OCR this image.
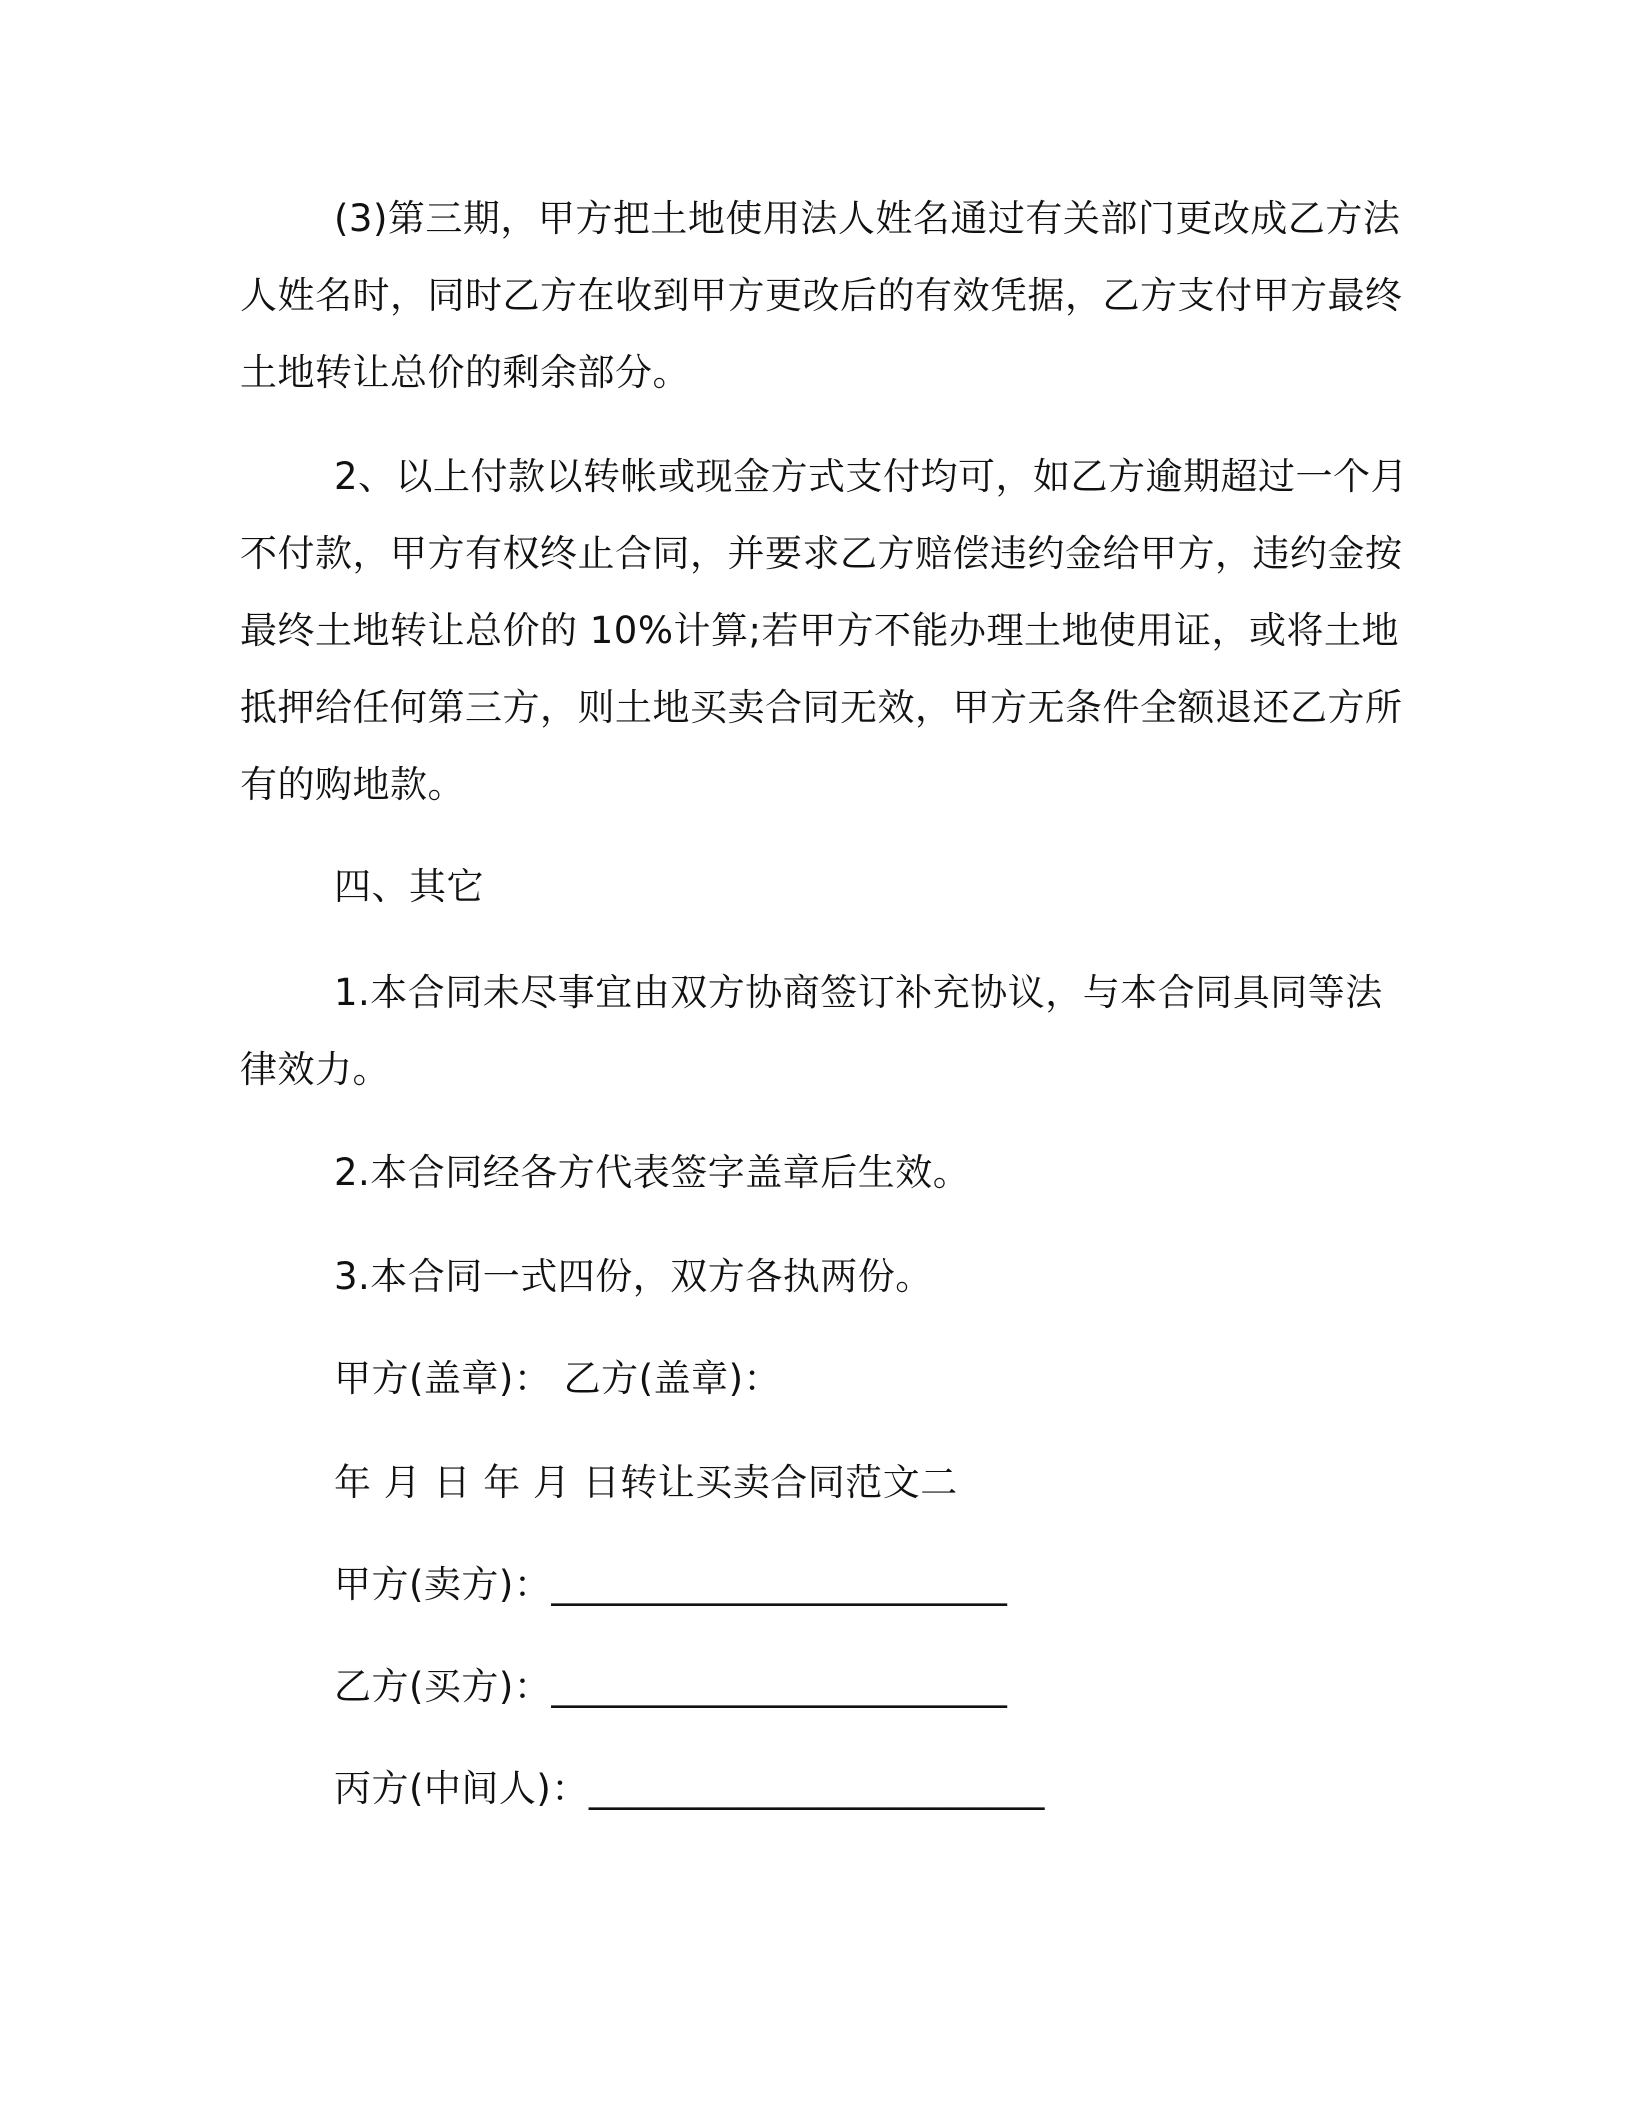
(3)第三期，甲方把土地使用法人姓名通过有关部门更改成乙方法人姓名时，同时乙方在收到甲方更改后的有效凭据，乙方支付甲方最终土地转让总价的剩余部分。

2、以上付款以转帐或现金方式支付均可，如乙方逾期超过一个月不付款，甲方有权终止合同，并要求乙方赔偿违约金给甲方，违约金按最终土地转让总价的 10%计算;若甲方不能办理土地使用证，或将土地抵押给任何第三方，则土地买卖合同无效，甲方无条件全额退还乙方所有的购地款。

四、其它

1.本合同未尽事宜由双方协商签订补充协议，与本合同具同等法律效力。

2.本合同经各方代表签字盖章后生效。

3.本合同一式四份，双方各执两份。

甲方(盖章)： 乙方(盖章)：

年 月 日 年 月 日转让买卖合同范文二

甲方(卖方)：________________________

乙方(买方)：________________________

丙方(中间人)：________________________
